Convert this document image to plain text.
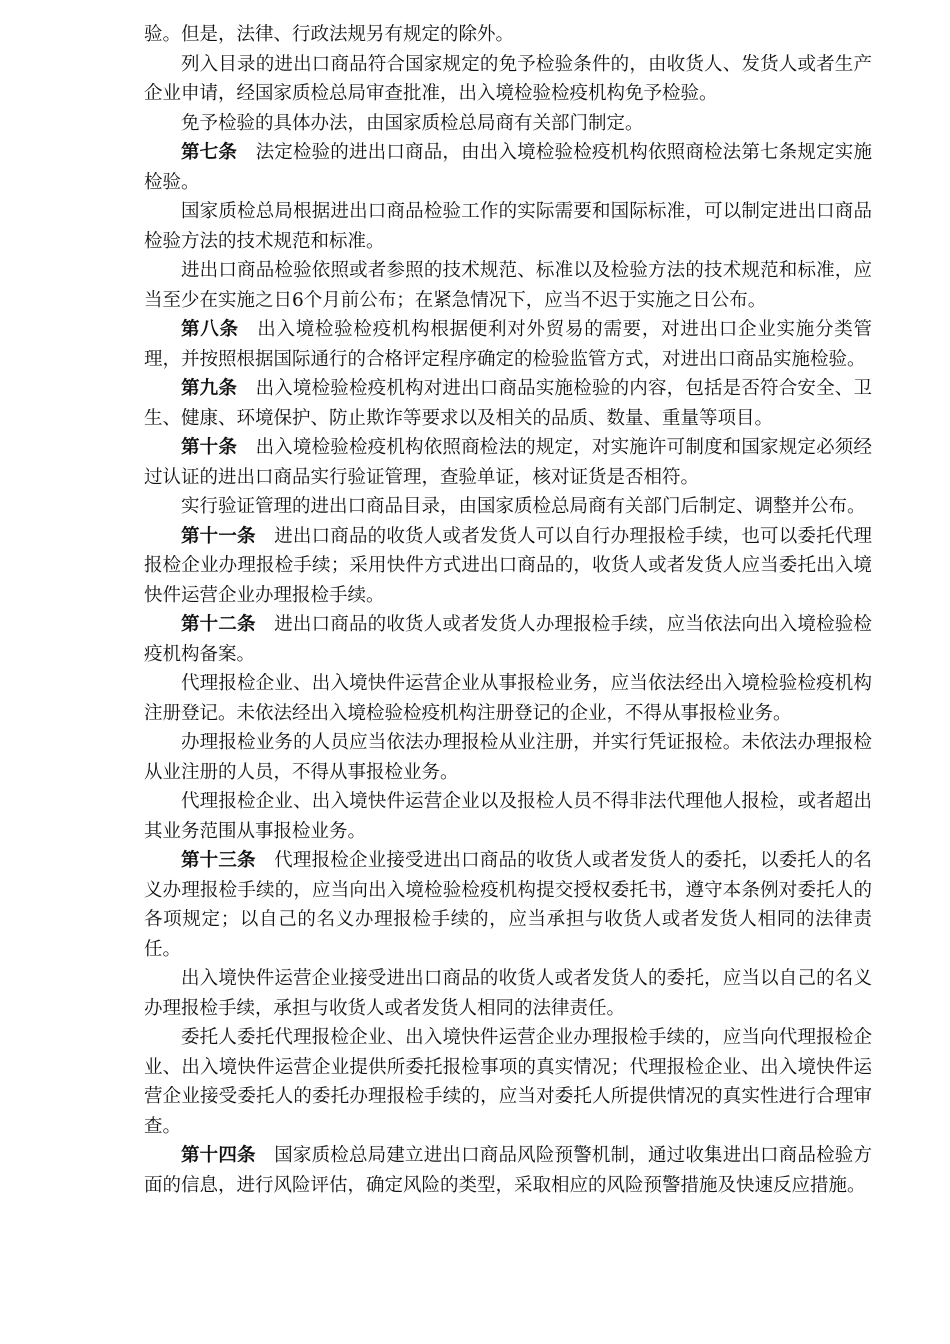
验。但是，法律、行政法规另有规定的除外。

列入目录的进出口商品符合国家规定的免予检验条件的，由收货人、发货人或者生产企业申请，经国家质检总局审查批准，出入境检验检疫机构免予检验。

免予检验的具体办法，由国家质检总局商有关部门制定。

第七条 法定检验的进出口商品，由出入境检验检疫机构依照商检法第七条规定实施检验。

国家质检总局根据进出口商品检验工作的实际需要和国际标准，可以制定进出口商品检验方法的技术规范和标准。

进出口商品检验依照或者参照的技术规范、标准以及检验方法的技术规范和标准，应当至少在实施之日6个月前公布；在紧急情况下，应当不迟于实施之日公布。

第八条 出入境检验检疫机构根据便利对外贸易的需要，对进出口企业实施分类管理，并按照根据国际通行的合格评定程序确定的检验监管方式，对进出口商品实施检验。

第九条 出入境检验检疫机构对进出口商品实施检验的内容，包括是否符合安全、卫生、健康、环境保护、防止欺诈等要求以及相关的品质、数量、重量等项目。

第十条 出入境检验检疫机构依照商检法的规定，对实施许可制度和国家规定必须经过认证的进出口商品实行验证管理，查验单证，核对证货是否相符。

实行验证管理的进出口商品目录，由国家质检总局商有关部门后制定、调整并公布。

第十一条 进出口商品的收货人或者发货人可以自行办理报检手续，也可以委托代理报检企业办理报检手续；采用快件方式进出口商品的，收货人或者发货人应当委托出入境快件运营企业办理报检手续。

第十二条 进出口商品的收货人或者发货人办理报检手续，应当依法向出入境检验检疫机构备案。

代理报检企业、出入境快件运营企业从事报检业务，应当依法经出入境检验检疫机构注册登记。未依法经出入境检验检疫机构注册登记的企业，不得从事报检业务。

办理报检业务的人员应当依法办理报检从业注册，并实行凭证报检。未依法办理报检从业注册的人员，不得从事报检业务。

代理报检企业、出入境快件运营企业以及报检人员不得非法代理他人报检，或者超出其业务范围从事报检业务。

第十三条 代理报检企业接受进出口商品的收货人或者发货人的委托，以委托人的名义办理报检手续的，应当向出入境检验检疫机构提交授权委托书，遵守本条例对委托人的各项规定；以自己的名义办理报检手续的，应当承担与收货人或者发货人相同的法律责任。

出入境快件运营企业接受进出口商品的收货人或者发货人的委托，应当以自己的名义办理报检手续，承担与收货人或者发货人相同的法律责任。

委托人委托代理报检企业、出入境快件运营企业办理报检手续的，应当向代理报检企业、出入境快件运营企业提供所委托报检事项的真实情况；代理报检企业、出入境快件运营企业接受委托人的委托办理报检手续的，应当对委托人所提供情况的真实性进行合理审查。

第十四条 国家质检总局建立进出口商品风险预警机制，通过收集进出口商品检验方面的信息，进行风险评估，确定风险的类型，采取相应的风险预警措施及快速反应措施。
